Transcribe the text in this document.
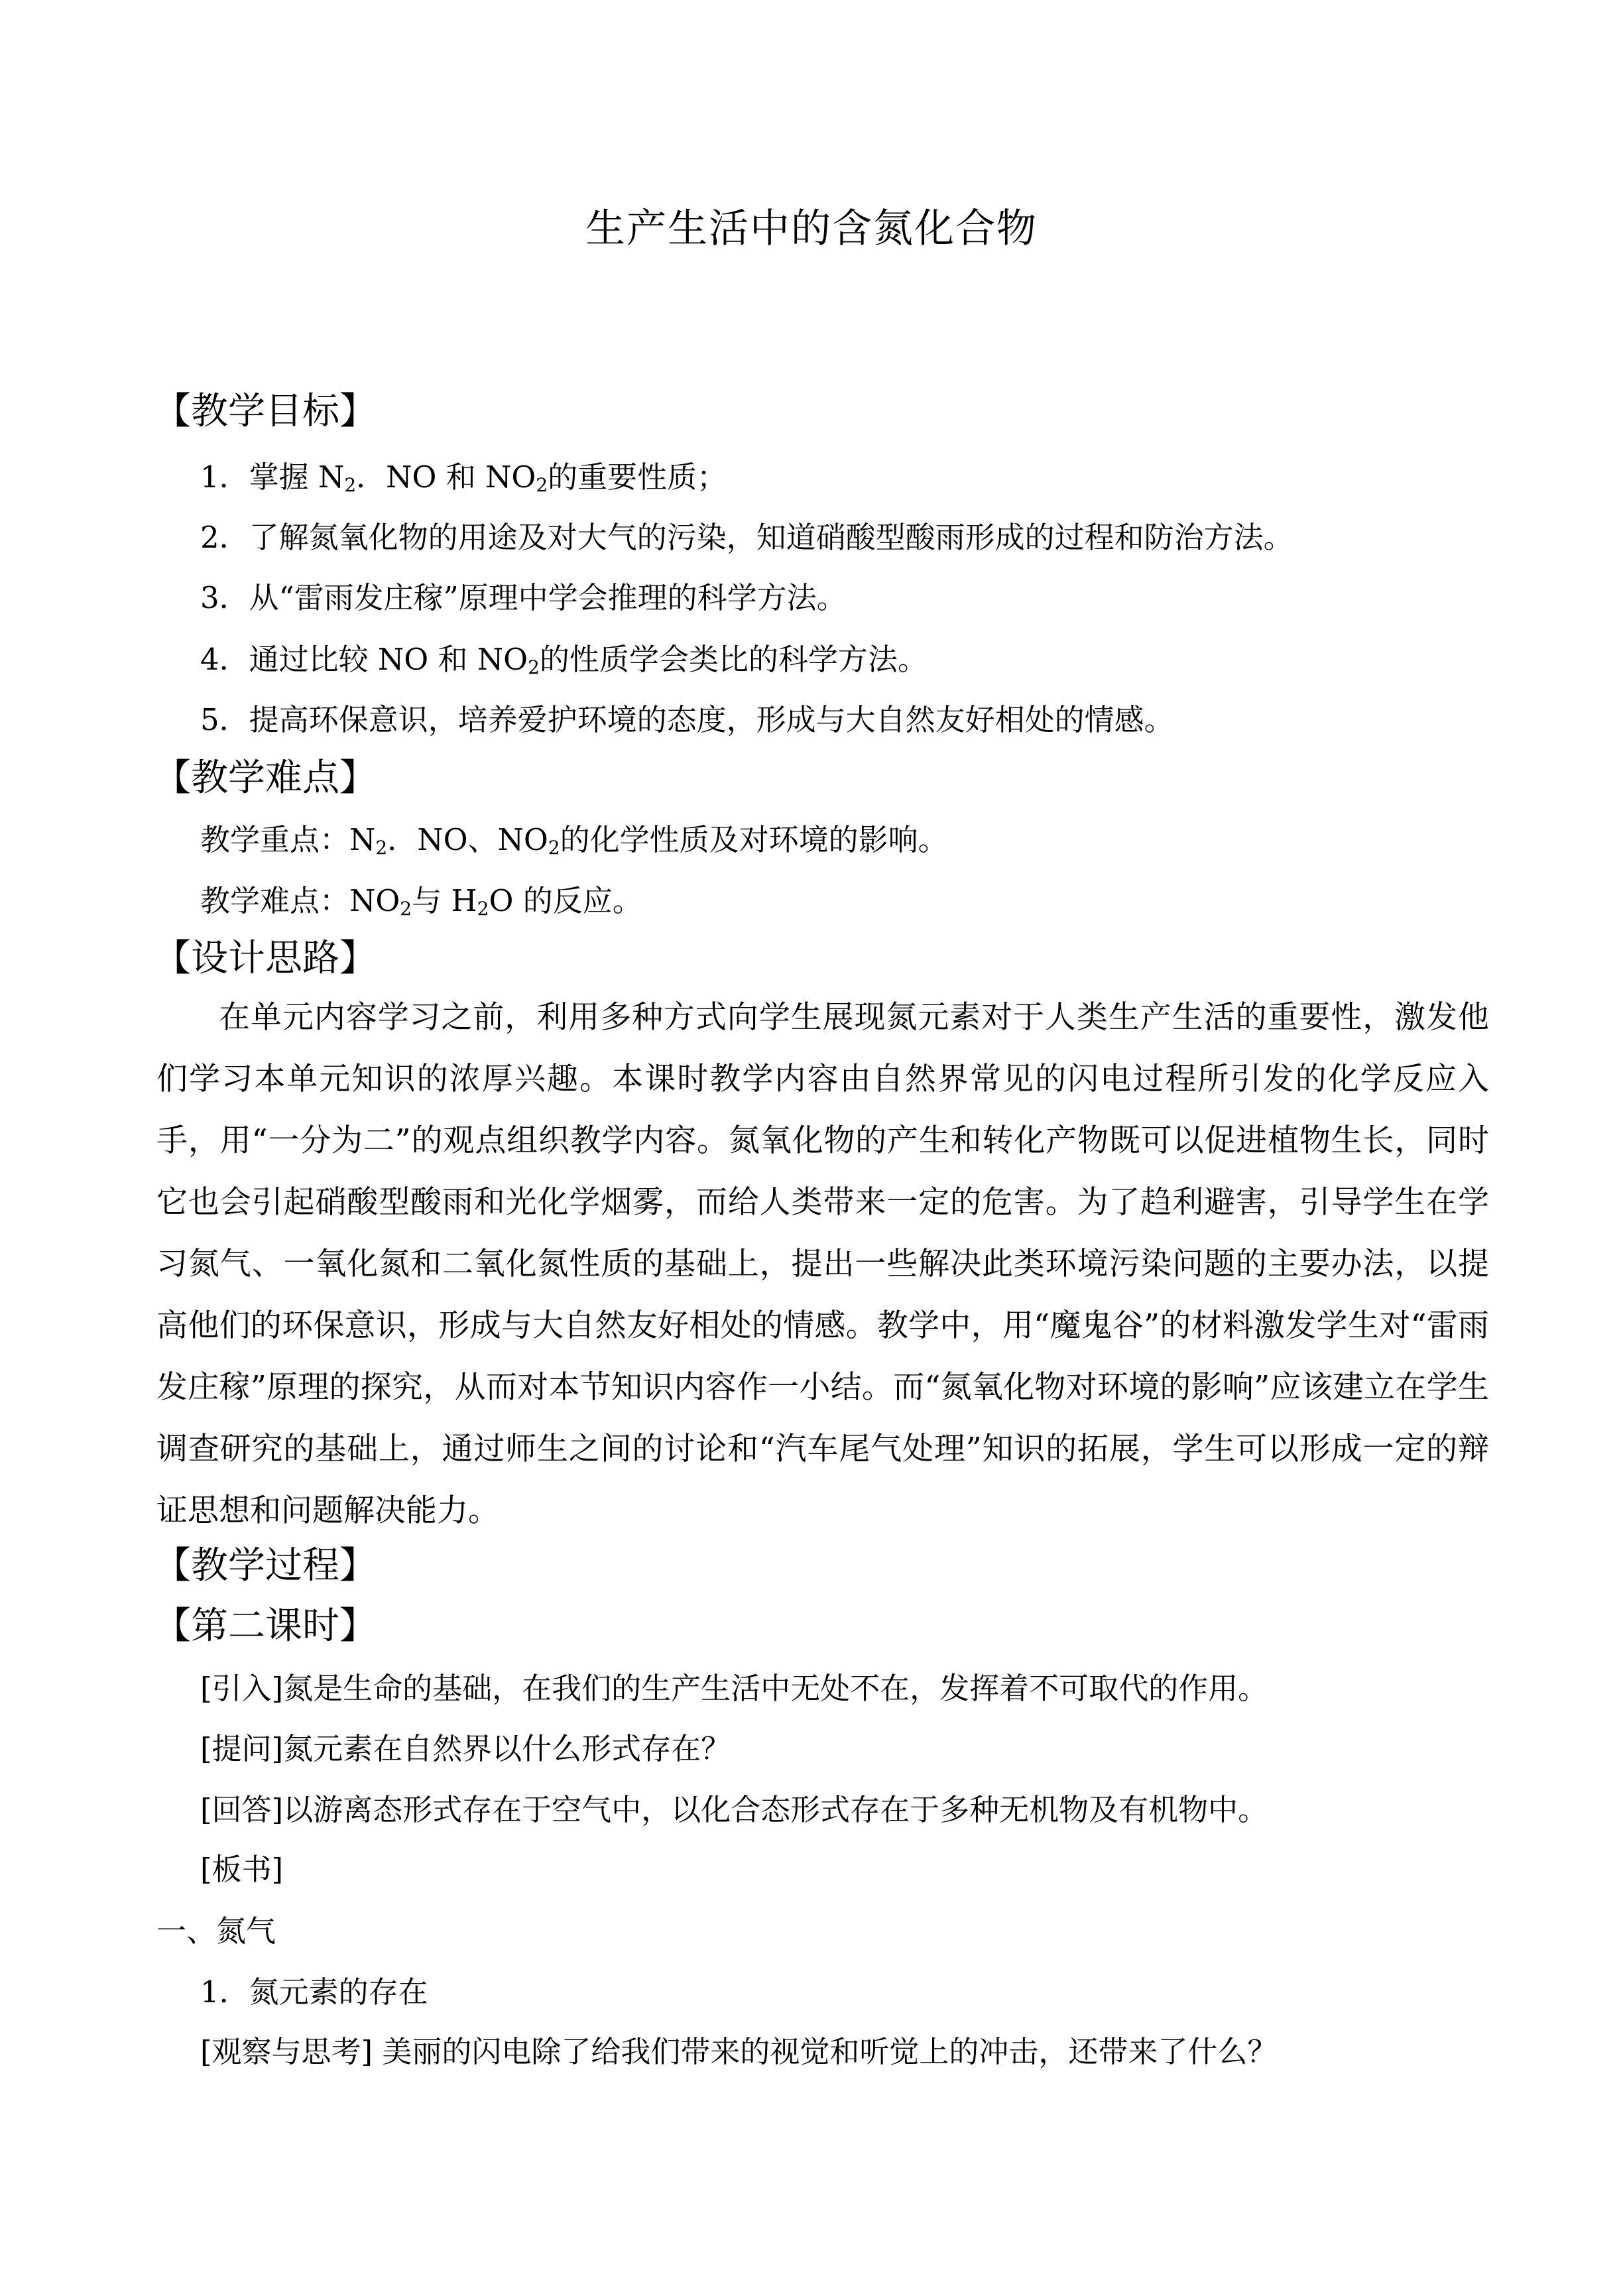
生产生活中的含氮化合物
【教学目标】
1．掌握 $N_2$．NO 和 $NO_2$的重要性质；
2．了解氮氧化物的用途及对大气的污染，知道硝酸型酸雨形成的过程和防治方法。
3．从“雷雨发庄稼”原理中学会推理的科学方法。
4．通过比较 NO 和 $NO_2$的性质学会类比的科学方法。
5．提高环保意识，培养爱护环境的态度，形成与大自然友好相处的情感。
【教学难点】
教学重点：$N_2$．NO、$NO_2$的化学性质及对环境的影响。
教学难点：$NO_2$与 $H_2O$ 的反应。
【设计思路】
在单元内容学习之前，利用多种方式向学生展现氮元素对于人类生产生活的重要性，激发他们学习本单元知识的浓厚兴趣。本课时教学内容由自然界常见的闪电过程所引发的化学反应入手，用“一分为二”的观点组织教学内容。氮氧化物的产生和转化产物既可以促进植物生长，同时它也会引起硝酸型酸雨和光化学烟雾，而给人类带来一定的危害。为了趋利避害，引导学生在学习氮气、一氧化氮和二氧化氮性质的基础上，提出一些解决此类环境污染问题的主要办法，以提高他们的环保意识，形成与大自然友好相处的情感。教学中，用“魔鬼谷”的材料激发学生对“雷雨发庄稼”原理的探究，从而对本节知识内容作一小结。而“氮氧化物对环境的影响”应该建立在学生调查研究的基础上，通过师生之间的讨论和“汽车尾气处理”知识的拓展，学生可以形成一定的辩证思想和问题解决能力。
【教学过程】
【第二课时】
[引入]氮是生命的基础，在我们的生产生活中无处不在，发挥着不可取代的作用。
[提问]氮元素在自然界以什么形式存在？
[回答]以游离态形式存在于空气中，以化合态形式存在于多种无机物及有机物中。
[板书]
一、氮气
1．氮元素的存在
[观察与思考] 美丽的闪电除了给我们带来的视觉和听觉上的冲击，还带来了什么？
